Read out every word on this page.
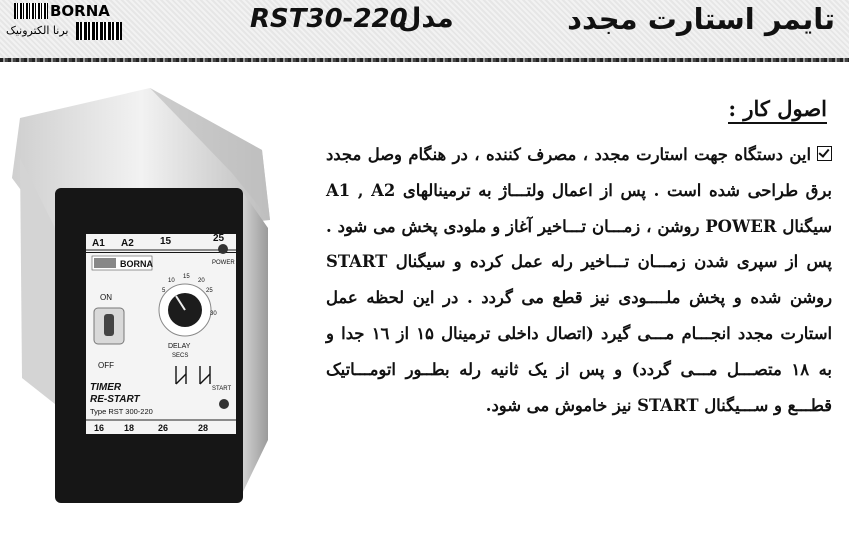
BORNA
برنا الکترونیک	RST30-220
مدل	تایمر استارت مجدد
A1 A2	15	25
BORNA	POWER
ON
OFF
5
10
15
20
25
30
DELAY
SECS
TIMER
RE-START
Type RST 300-220
START
16 18	26	28
اصول کار :

این دستگاه جهت استارت مجدد ، مصرف کننده ، در هنگام وصل مجدد برق طراحی شده است . پس از اعمال ولتـــاژ به ترمینالهای A1 , A2 سیگنال POWER روشن ، زمـــان تـــاخیر آغاز و ملودی پخش می شود . پس از سپری شدن زمـــان تـــاخیر رله عمل کرده و سیگنال START روشن شده و پخش ملــــودی نیز قطع می گردد . در این لحظه عمل استارت مجدد انجـــام مـــی گیرد (اتصال داخلی ترمینال ۱۵ از ۱٦ جدا و به ۱۸ متصـــل مـــی گردد) و پس از یک ثانیه رله بطــور اتومـــاتیک قطـــع و ســـیگنال START نیز خاموش می شود.
